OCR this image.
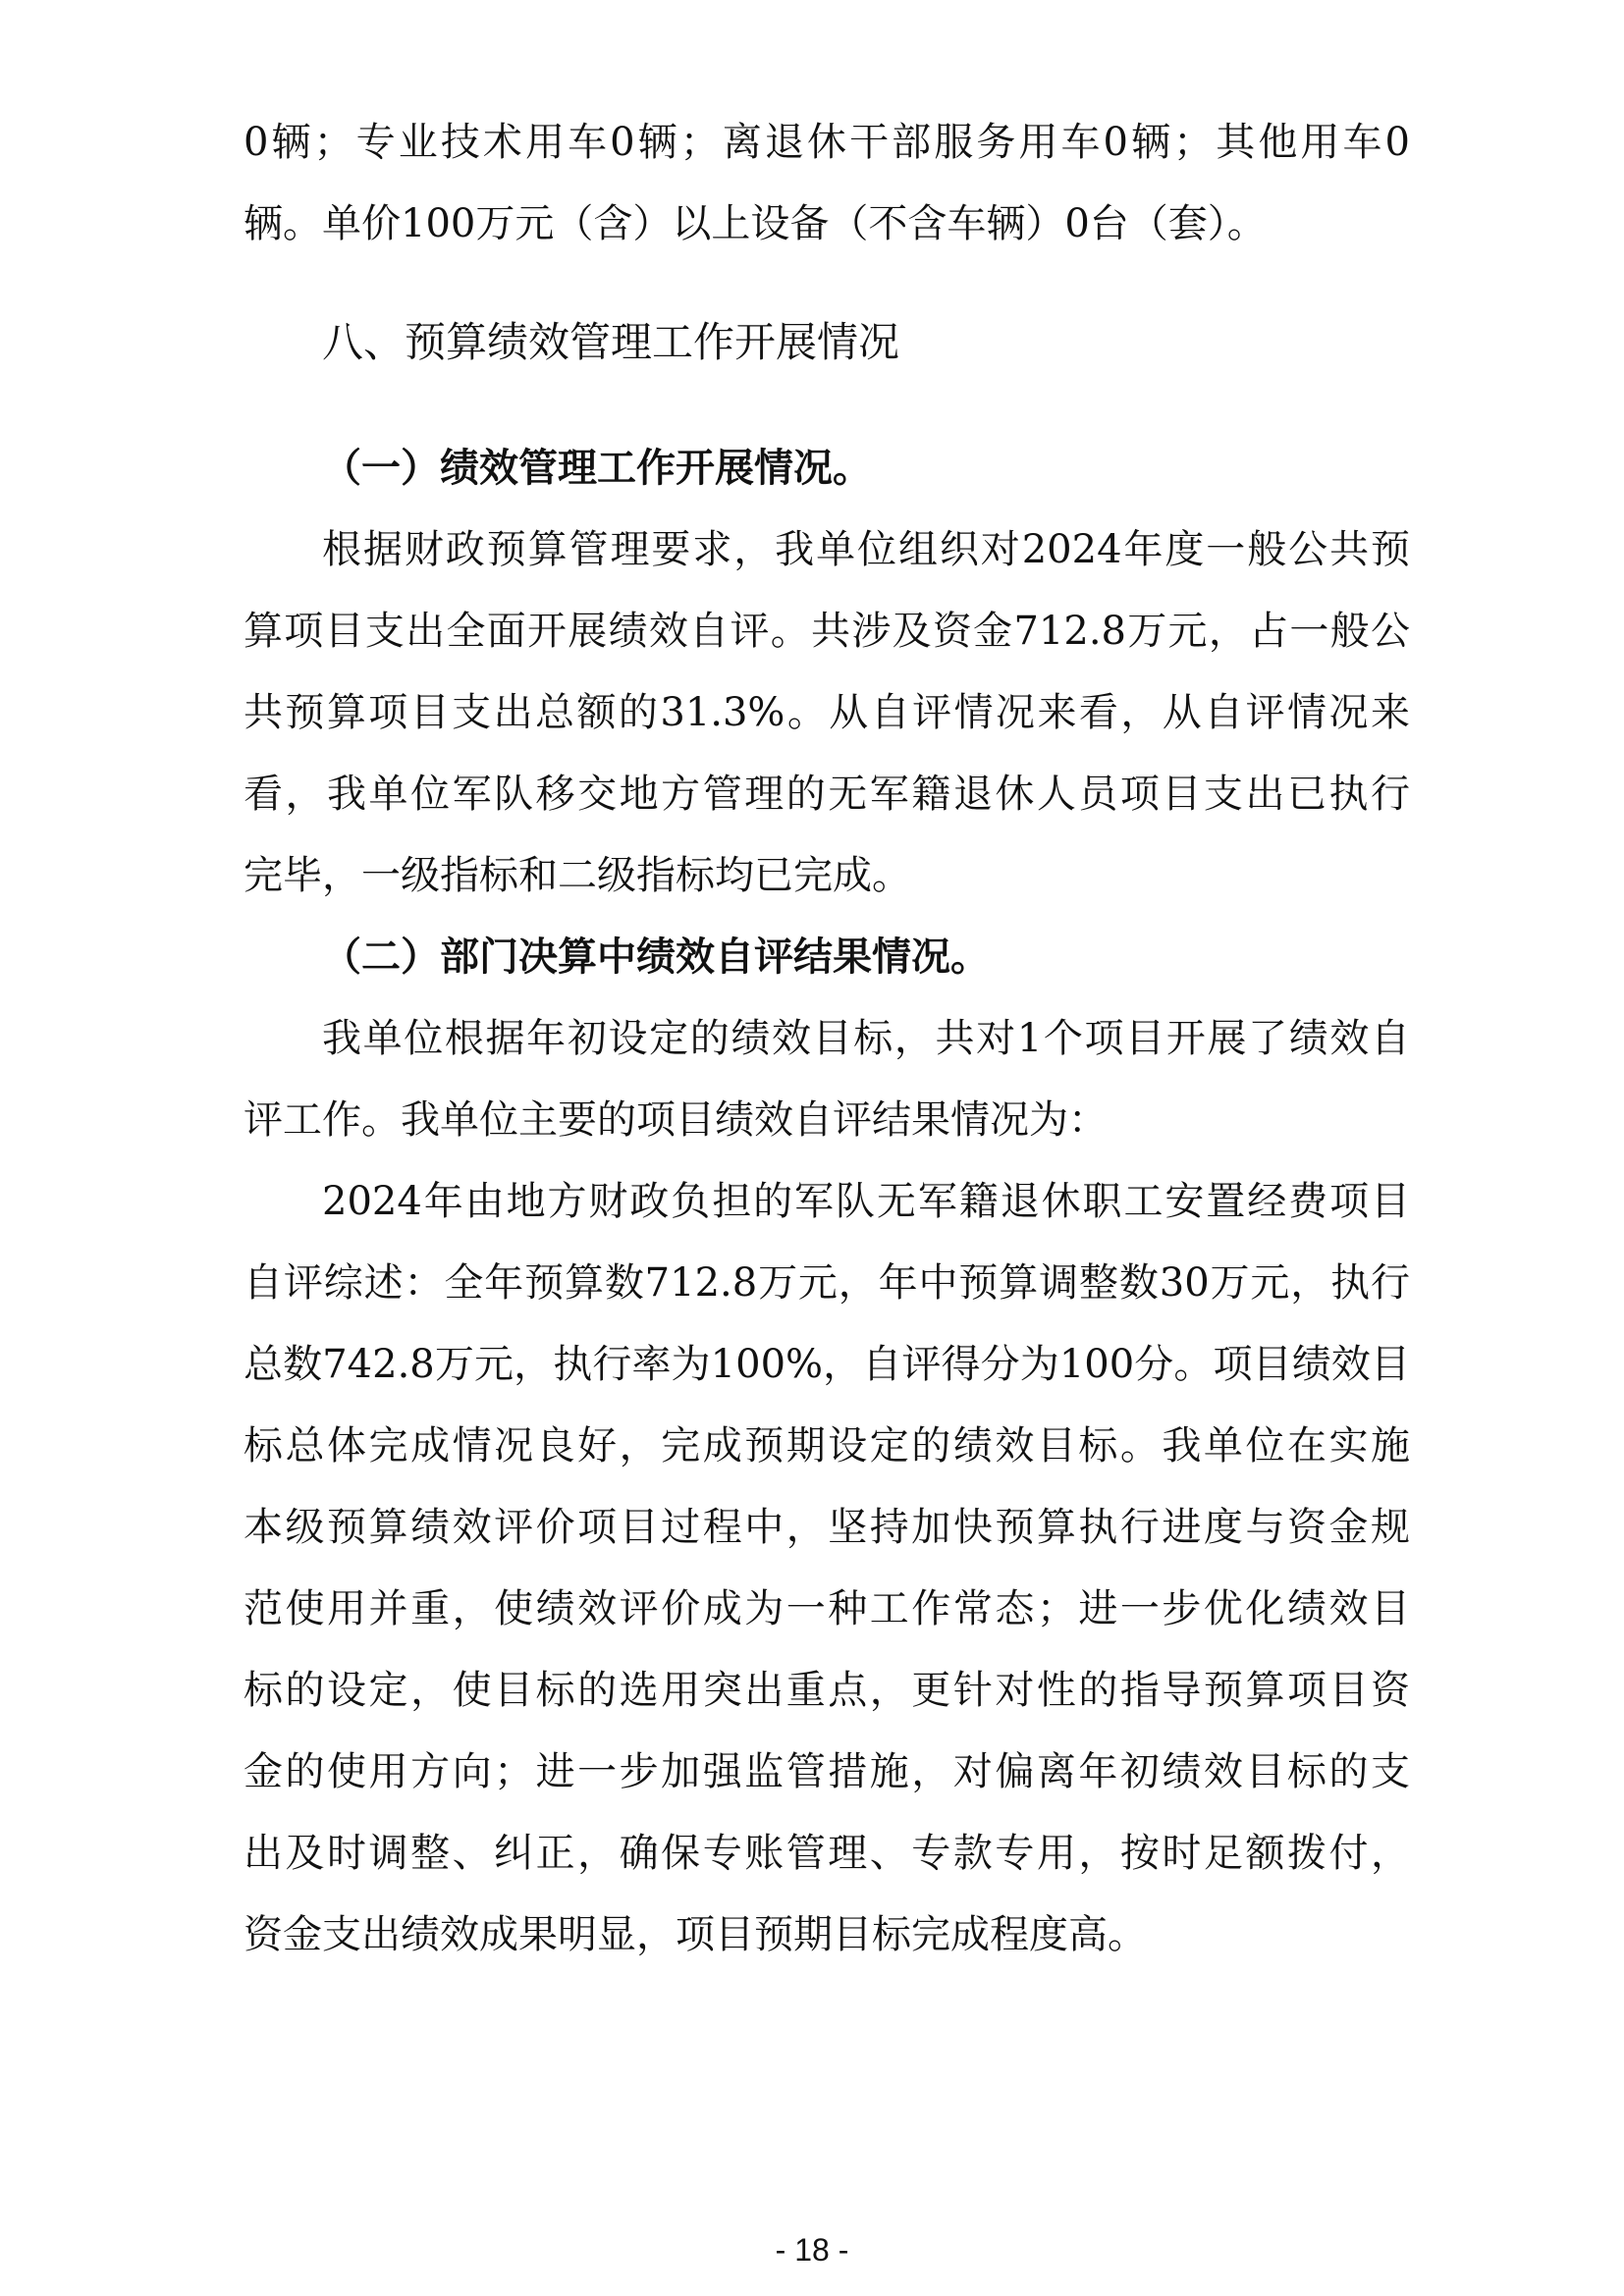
0辆；专业技术用车0辆；离退休干部服务用车0辆；其他用车0
辆。单价100万元（含）以上设备（不含车辆）0台（套）。
八、预算绩效管理工作开展情况
（一）绩效管理工作开展情况。
根据财政预算管理要求，我单位组织对2024年度一般公共预
算项目支出全面开展绩效自评。共涉及资金712.8万元，占一般公
共预算项目支出总额的31.3%。从自评情况来看，从自评情况来
看，我单位军队移交地方管理的无军籍退休人员项目支出已执行
完毕，一级指标和二级指标均已完成。
（二）部门决算中绩效自评结果情况。
我单位根据年初设定的绩效目标，共对1个项目开展了绩效自
评工作。我单位主要的项目绩效自评结果情况为：
2024年由地方财政负担的军队无军籍退休职工安置经费项目
自评综述：全年预算数712.8万元，年中预算调整数30万元，执行
总数742.8万元，执行率为100%，自评得分为100分。项目绩效目
标总体完成情况良好，完成预期设定的绩效目标。我单位在实施
本级预算绩效评价项目过程中，坚持加快预算执行进度与资金规
范使用并重，使绩效评价成为一种工作常态；进一步优化绩效目
标的设定，使目标的选用突出重点，更针对性的指导预算项目资
金的使用方向；进一步加强监管措施，对偏离年初绩效目标的支
出及时调整、纠正，确保专账管理、专款专用，按时足额拨付，
资金支出绩效成果明显，项目预期目标完成程度高。
- 18 -
